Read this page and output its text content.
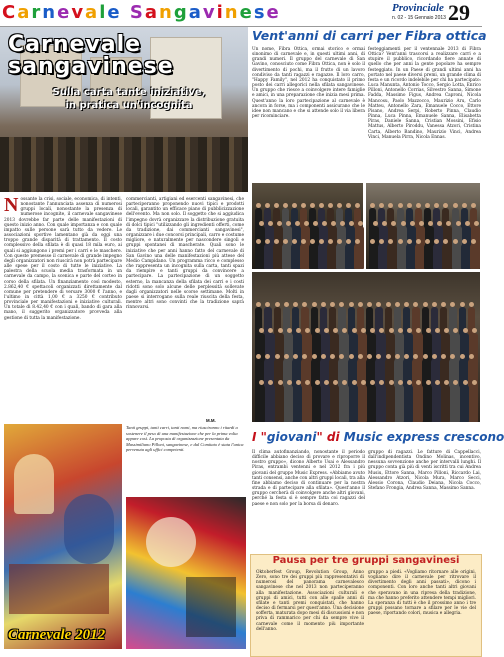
Carnevale Sangavinese	Provinciale
n. 02 - 15 Gennaio 2013 29
Carnevale
sangavinese
Sulla carta tante iniziative,
in pratica un'incognita
Nossante la crisi, sociale, economica, di intenti, nonostante l'annunciata assenza di numerosi gruppi locali, nonostante la presenza di numerose incognite, il carnevale sangavinese 2013 dovrebbe far parte delle manifestazioni di questo inizio anno. Con quale importanza e con quale impatto sulle persone sarà tutto da vedere. Le associazioni sportive lamentano già da oggi una troppo grande disparità di trattamento. Il costo complessivo della sfilata è di quasi 18 mila euro, ai quali si aggiungono i premi per i carri e le maschere. Con queste premesse il carnevale di grande impegno degli organizzatori non riuscirà non potrà partecipare alle spese per il costo di tutte le iniziative. La palestra della scuola media trasformata in un carnevale da campo, la scenica e parte del corteo in corso della sfilata. Un finanziamento così modesto, 2.862,40 € spettacoli organizzati direttamente dal comune per pretendere di versare 3000 € l'anno, e l'ultimo in città 1,00 € a 3250 € contributo provinciale per manifestazioni e iniziative culturali. Un totale di 8.42,40 € con i quali, bando di gara alla mano, il suggerito organizzatore provveda alla gestione di tutta la manifestazione.
commercianti, artigiani ed esercenti sangavinesi, che parteciperanno proponendo nuovi tipici e prodotti locali, garantito un efficace piano di pubblicizzazione dell'evento. Ma non solo. Il soggetto che si aggiudica l'impegno dovrà organizzare la distribuzione gratuita di dolci tipici "utilizzando gli ingredienti offerti, come da tradizione, dai commercianti sangavinesi", organizzare i due concorsi principali, carro e costume migliore, e naturalmente per nascondere singoli e gruppi spontanei di mascherate. Quali sono le iniziative che per anni hanno fatto del carnevale di San Gavino una delle manifestazioni più attese del Medio Campidano. Un programma ricco e complesso che rappresenta un incognita sulla carta, tanti spazi da riempire e tanti gruppi da convincere a partecipare. La partecipazione di un soggetto esterno, la mancanza della sfilata dei carri e i costi ridotti sono solo alcune delle perplessità sollevate dagli organizzatori nelle scorse settimane. Molti in paese si interrogano sulla reale riuscita della festa, mentre altri sono convinti che la tradizione saprà rinnovarsi.
M.M.
Tanti gruppi, tanti carri, tanti nomi, ma riusciranno i ritardi a sostenere il peso di una manifestazione che per la prima volta appare così. La proposta di organizzazione presentata da Massimiliano Pilloni, sangavinese, e dal Comitato è stata l'unica pervenuta agli uffici competenti.
Carnevale 2012
Vent'anni di carri per Fibra ottica
Un nome, Fibra Ottica, ormai storico e ormai sinonimo di carnevale e, in questi ultimi anni, di grandi numeri. Il gruppo del carnevale di San Gavino, conosciuto come Fibra Ottica, non è solo il divertimento di pochi, ma il frutto di un lavoro condiviso da tanti ragazzi e ragazze. Il loro carro, "Happy Family", nel 2012 ha conquistato il primo posto dei carri allegorici nella sfilata sangavinese. Un gruppo che riesce a coinvolgere intere famiglie e amici, in una preparazione che inizia mesi prima. Quest'anno la loro partecipazione al carnevale è ancora in forse, ma i componenti assicurano che le idee non mancano e che si attende solo il via libera per ricominciare.
festeggiamenti per il ventennale 2013 di Fibra Ottica? Vent'anni trascorsi a realizzare carri e a stupire il pubblico, ricordando fiere annate di quello che per anni la gente popolare ha sempre festeggiato. In un Paese di grandi ultimi anni ha portato nel paese diversi premi, un grande clima di festa e un ricordo indelebile per chi ha partecipato: Luca Manunta, Antonio Tocco, Sergio Lotta, Enrico Pilloni, Antonello Corrias, Silvestro Sanna, Simone Fadda, Massimo Figus, Andrea Caproni, Nicola Mancosu, Paolo Mazzocco, Maurizio Aru, Carlo Matteu, Antonello Zara, Emanuele Cocco, Ettore Pisano, Andrea Serpi, Roberto Pinna, Claudio Pinna, Luca Pinna, Emanuele Sanna, Elisabetta Piras, Daniele Sanna, Cristian Mossini, Efisio Mattus, Alberto Piroddu, Vanessa Atzori, Cristina Carta, Alberto Bandino, Maurizio Vinci, Andrea Vinci, Manuela Pirra, Nicola Ennas.
I "giovani" di Music express crescono
Il clima autofinanziando, nonostante il periodo difficile abbiano deciso di provare e riproporre il nostro gruppo», dicono Alberto Usai e Alessandro Piras, entrambi ventenni e nel 2012 fra i più giovani del gruppo Music Express. «Abbiamo avuto tanti consensi, anche con altri gruppi locali, tra alla fine abbiamo deciso di continuare per la nostra strada e di partecipare alla sfilata». Quest'anno il gruppo cercherà di coinvolgere anche altri giovani, perché la festa si è sempre fatta coi ragazzi del paese e non solo per la borsa di denaro.
gruppo di ragazzi. Le fatture di Cappellacci, dall'indipendentista Ondino Molinas, incentivo, nessuna sovvenzione anche per intervalli lunghi. Il gruppo conta già più di venti iscritti tra cui Andrea Musiu, Ettore Sanna, Marco Pilloni, Riccardo Lai, Alessandro Atzori, Nicola Mura, Marco Secci, Alessio Corona, Claudio Deiana, Nicola Cocco, Stefano Frongia, Andrea Sanna, Massimo Sanna.
Pausa per tre gruppi sangavinesi
Oktoberfest Group, Revolution Group, Anno Zero, sono tre dei gruppi più rappresentativi di numerosi del panorama carnevalesco sangavinese che nel 2013 non parteciperanno alla manifestazione. Associazioni culturali e gruppi di amici, tutti con alle spalle anni di sfilate e tanti premi conquistati, che hanno deciso di fermarsi per quest'anno. Una decisione sofferta, maturata dopo mesi di discussioni e non priva di rammarico per chi da sempre vive il carnevale come il momento più importante dell'anno.
gruppo a piedi. «Vogliamo ritornare alle origini, vogliamo dire il carnevale per ritrovare il divertimento degli anni passati», dicono i componenti. Con loro anche tanti altri giovani che speravano in una ripresa della tradizione, ma che hanno preferito attendere tempi migliori. La speranza di tutti è che il prossimo anno i tre gruppi possano tornare a sfilare per le vie del paese, riportando colori, musica e allegria.
